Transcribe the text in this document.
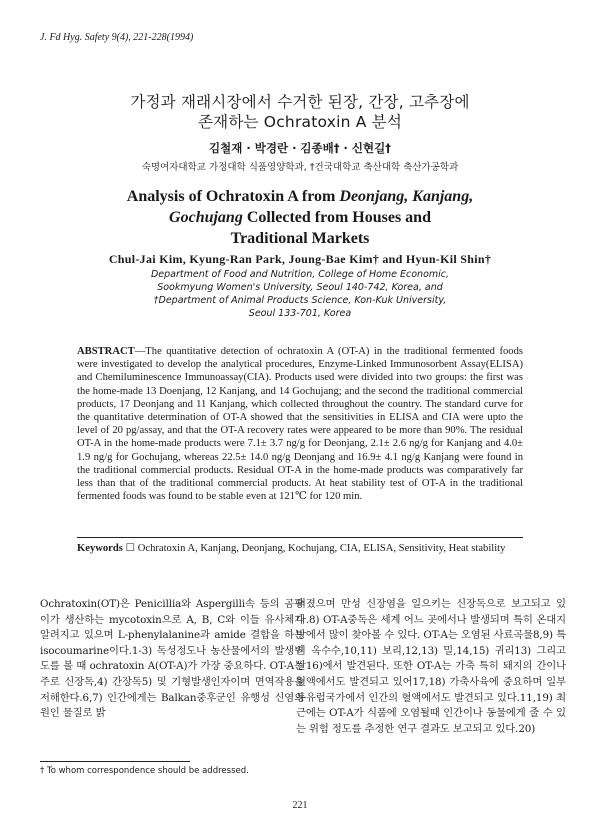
J. Fd Hyg. Safety 9(4), 221-228(1994)
가정과 재래시장에서 수거한 된장, 간장, 고추장에
존재하는 Ochratoxin A 분석
김철재 · 박경란 · 김종배† · 신현길†
숙명여자대학교 가정대학 식품영양학과, †건국대학교 축산대학 축산가공학과
Analysis of Ochratoxin A from Deonjang, Kanjang,
Gochujang Collected from Houses and
Traditional Markets
Chul-Jai Kim, Kyung-Ran Park, Joung-Bae Kim† and Hyun-Kil Shin†
Department of Food and Nutrition, College of Home Economic,
Sookmyung Women's University, Seoul 140-742, Korea, and
†Department of Animal Products Science, Kon-Kuk University,
Seoul 133-701, Korea
ABSTRACT—The quantitative detection of ochratoxin A (OT-A) in the traditional fermented foods were investigated to develop the analytical procedures, Enzyme-Linked Immunosorbent Assay(ELISA) and Chemiluminescence Immunoassay(CIA). Products used were divided into two groups: the first was the home-made 13 Doenjang, 12 Kanjang, and 14 Gochujang; and the second the traditional commercial products, 17 Deonjang and 11 Kanjang, which collected throughout the country. The standard curve for the quantitative determination of OT-A showed that the sensitivities in ELISA and CIA were upto the level of 20 pg/assay, and that the OT-A recovery rates were appeared to be more than 90%. The residual OT-A in the home-made products were 7.1± 3.7 ng/g for Deonjang, 2.1± 2.6 ng/g for Kanjang and 4.0± 1.9 ng/g for Gochujang, whereas 22.5± 14.0 ng/g Deonjang and 16.9± 4.1 ng/g Kanjang were found in the traditional commercial products. Residual OT-A in the home-made products was comparatively far less than that of the traditional commercial products. At heat stability test of OT-A in the traditional fermented foods was found to be stable even at 121℃ for 120 min.
Keywords ☐ Ochratoxin A, Kanjang, Deonjang, Kochujang, CIA, ELISA, Sensitivity, Heat stability
Ochratoxin(OT)은 Penicillia와 Aspergilli속 등의 곰팡이가 생산하는 mycotoxin으로 A, B, C와 이들 유사체가 알려지고 있으며 L-phenylalanine과 amide 결합을 하는 isocoumarine이다.1-3) 독성정도나 농산물에서의 발생빈도를 볼 때 ochratoxin A(OT-A)가 가장 중요하다. OT-A는 주로 신장독,4) 간장독5) 및 기형발생인자이며 면역작용을 저해한다.6,7) 인간에게는 Balkan중후군인 유행성 신염의 원인 물질로 밝
혀졌으며 만성 신장염을 일으키는 신장독으로 보고되고 있다.8) OT-A중독은 세계 어느 곳에서나 발생되며 특히 온대지방에서 많이 찾아볼 수 있다. OT-A는 오염된 사료곡물8,9) 특히 옥수수,10,11) 보리,12,13) 밀,14,15) 귀리13) 그리고 쌀16)에서 발견된다. 또한 OT-A는 가축 특히 돼지의 간이나 혈액에서도 발견되고 있어17,18) 가축사육에 중요하며 일부 동유럽국가에서 인간의 혈액에서도 발견되고 있다.11,19) 최근에는 OT-A가 식품에 오염될때 인간이나 동물에게 줄 수 있는 위험 정도를 추정한 연구 결과도 보고되고 있다.20)
† To whom correspondence should be addressed.
221
